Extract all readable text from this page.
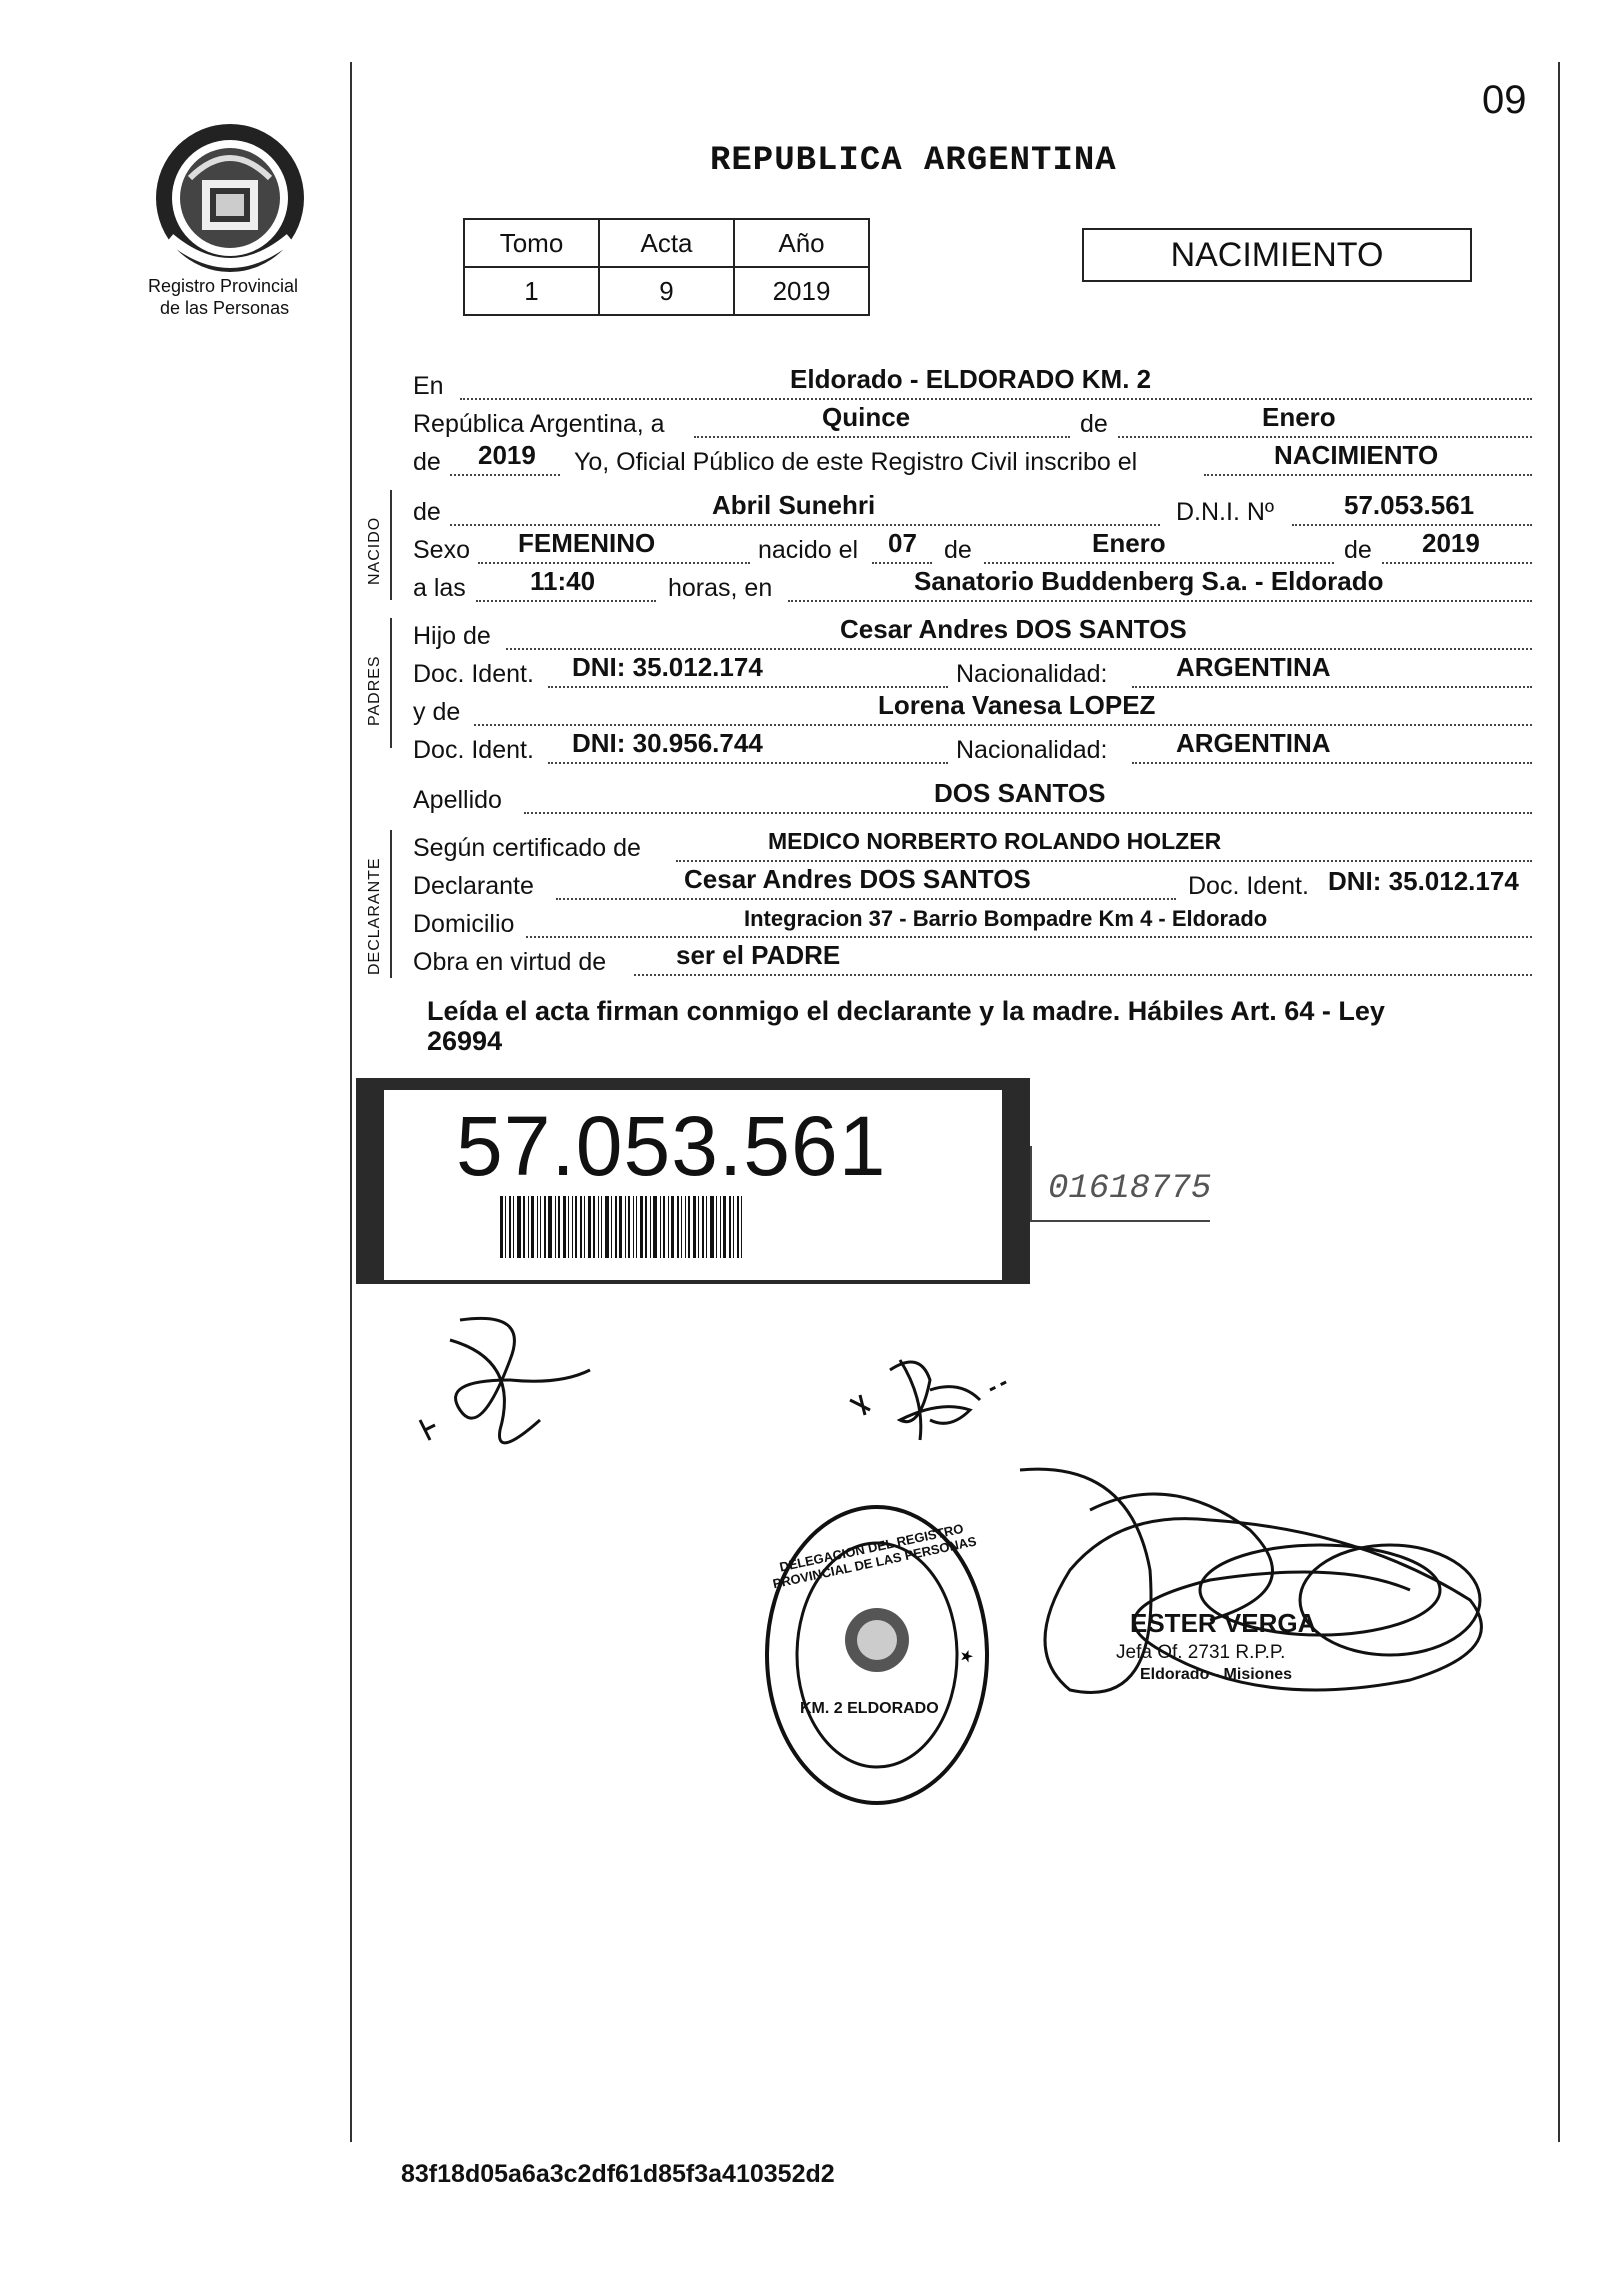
09
Registro Provincial
de las Personas
REPUBLICA ARGENTINA
Tomo	Acta	Año
1	9	2019
NACIMIENTO
NACIDO
PADRES
DECLARANTE
En	Eldorado - ELDORADO KM. 2
República Argentina, a	Quince	de	Enero
de 2019 Yo, Oficial Público de este Registro Civil inscribo el	NACIMIENTO
de	Abril Sunehri	D.N.I. Nº	57.053.561
Sexo FEMENINO	nacido el 07 de	Enero	de 2019
a las 11:40	horas, en	Sanatorio Buddenberg S.a. - Eldorado
Hijo de	Cesar Andres DOS SANTOS
Doc. Ident. DNI: 35.012.174	Nacionalidad:	ARGENTINA
y de	Lorena Vanesa LOPEZ
Doc. Ident. DNI: 30.956.744	Nacionalidad:	ARGENTINA
Apellido	DOS SANTOS
Según certificado de	MEDICO NORBERTO ROLANDO HOLZER
Declarante	Cesar Andres DOS SANTOS	Doc. Ident. DNI: 35.012.174
Domicilio	Integracion 37 - Barrio Bompadre Km 4 - Eldorado
Obra en virtud de	ser el PADRE
Leída el acta firman conmigo el declarante y la madre. Hábiles Art. 64 - Ley
26994
57.053.561	01618775
★
DELEGACION DEL REGISTRO PROVINCIAL DE LAS PERSONAS
KM. 2 ELDORADO
ESTER VERGA
Jefa Of. 2731 R.P.P.
Eldorado - Misiones
83f18d05a6a3c2df61d85f3a410352d2
